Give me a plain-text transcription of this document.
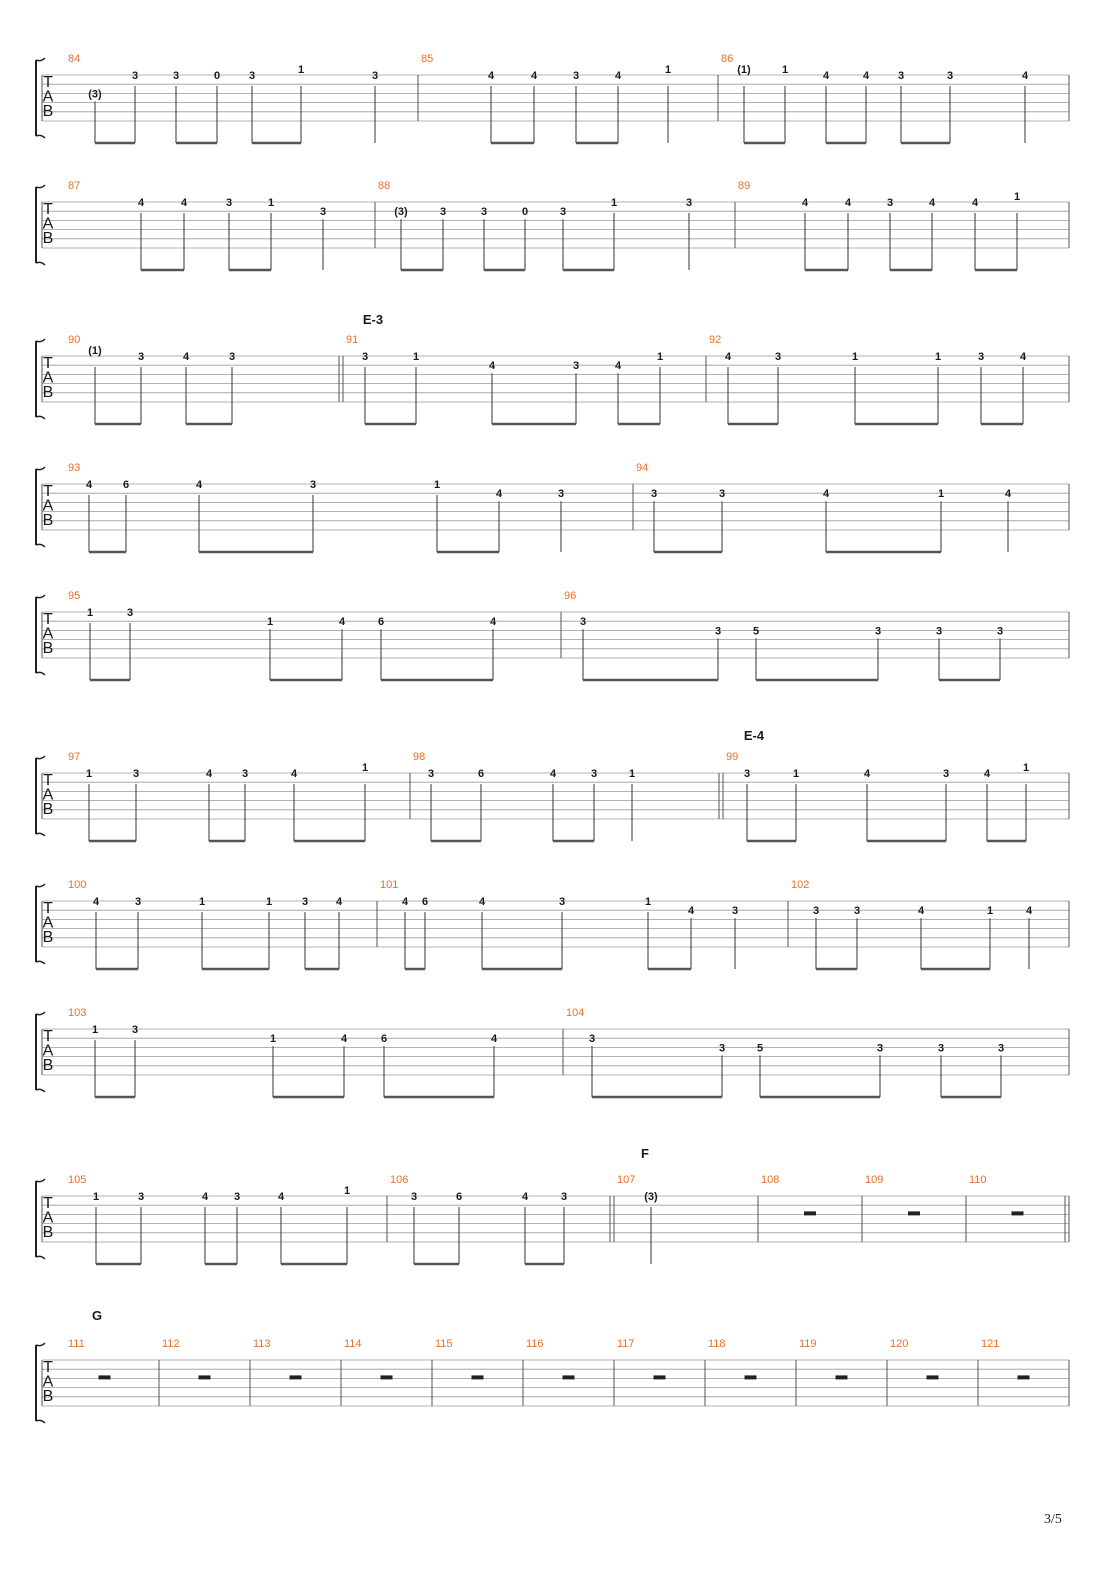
T
A
B
84
(3)
3	3	0	3	1	3
85
4	4	3	4	1
86
(1)	1	4	4	3	3	4
T
A
B
87
4	4	3	1
3
88
(3)	3	3	0	3
1	3
89
4	4	3	4	4	1
T
A
B
90
(1)	3	4	3
91
E-3
3	1
4	3	4
1
92
4	3	1	1	3	4
T
A
B
93
4	6	4	3	1
4	3
94
3	3	4	1	4
T
A
B
95
1	3
1	4	6	4
96
3
3	5	3	3	3
T
A
B
97
1	3	4	3	4	1
98
3	6	4	3	1
99
E-4
3	1	4	3	4	1
T
A
B
100
4	3	1	1	3	4
101
4 6	4	3	1
4	3
102
3	3	4	1	4
T
A
B
103
1	3
1	4	6	4
104
3
3	5	3	3	3
T
A
B
105
1	3	4 3	4	1
106
3	6	4	3
107
F
(3)
108	109	110
T
A
B
111
G
112	113	114	115	116	117	118	119	120	121
3/5
